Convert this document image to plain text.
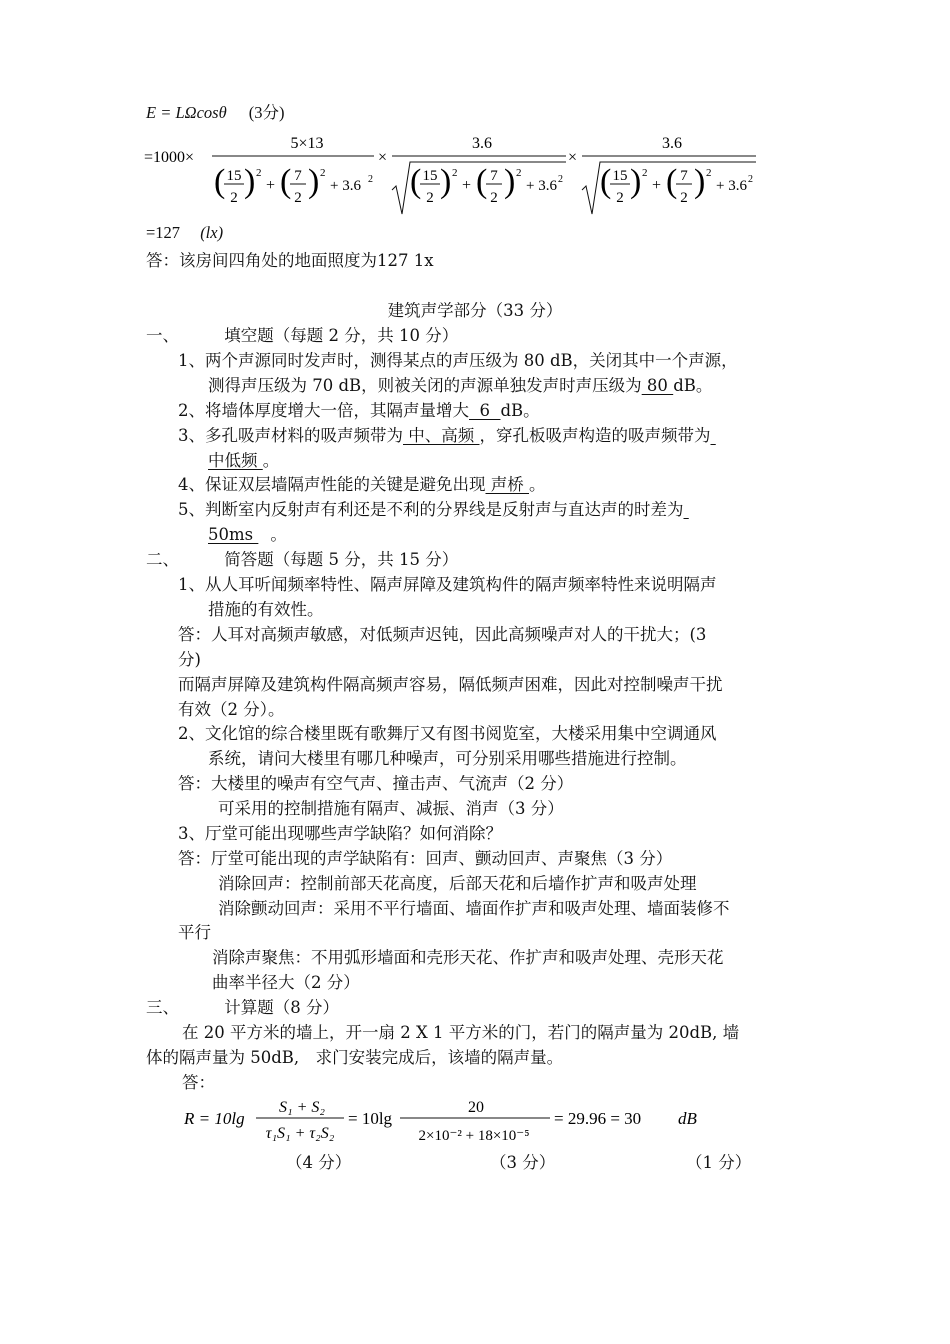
E = LΩcosθ (3分)
=1000×
5×13
( 15
2 ) 2
+ ( 7
2 ) 2
+ 3.6 2
×
3.6
( 15
2 ) 2
+ ( 7
2 ) 2
+ 3.6 2
×
3.6
( 15
2 ) 2
+ ( 7
2 ) 2
+ 3.6 2
=127 (lx)
答：该房间四角处的地面照度为127 1x
建筑声学部分（33 分）
一、	填空题（每题 2 分，共 10 分）
1、两个声源同时发声时，测得某点的声压级为 80 dB，关闭其中一个声源，
测得声压级为 70 dB，则被关闭的声源单独发声时声压级为 80 dB。
2、将墙体厚度增大一倍，其隔声量增大  6  dB。
3、多孔吸声材料的吸声频带为 中、高频 ，穿孔板吸声构造的吸声频带为
中低频 。
4、保证双层墙隔声性能的关键是避免出现 声桥 。
5、判断室内反射声有利还是不利的分界线是反射声与直达声的时差为
50ms 。
二、	简答题（每题 5 分，共 15 分）
1、从人耳听闻频率特性、隔声屏障及建筑构件的隔声频率特性来说明隔声
措施的有效性。
答：人耳对高频声敏感，对低频声迟钝，因此高频噪声对人的干扰大；(3
分)
而隔声屏障及建筑构件隔高频声容易，隔低频声困难，因此对控制噪声干扰
有效（2 分）。
2、文化馆的综合楼里既有歌舞厅又有图书阅览室，大楼采用集中空调通风
系统，请问大楼里有哪几种噪声，可分别采用哪些措施进行控制。
答：大楼里的噪声有空气声、撞击声、气流声（2 分）
可采用的控制措施有隔声、减振、消声（3 分）
3、厅堂可能出现哪些声学缺陷？如何消除？
答：厅堂可能出现的声学缺陷有：回声、颤动回声、声聚焦（3 分）
消除回声：控制前部天花高度，后部天花和后墙作扩声和吸声处理
消除颤动回声：采用不平行墙面、墙面作扩声和吸声处理、墙面装修不
平行
消除声聚焦：不用弧形墙面和壳形天花、作扩声和吸声处理、壳形天花
曲率半径大（2 分）
三、	计算题（8 分）
在 20 平方米的墙上，开一扇 2 X 1 平方米的门，若门的隔声量为 20dB, 墙
体的隔声量为 50dB,　求门安装完成后，该墙的隔声量。
答：
R = 10lg
S₁ + S₂
τ₁S₁ + τ₂S₂
= 10lg
20
2×10⁻² + 18×10⁻⁵
= 29.96 = 30 dB
（4 分）	（3 分）	（1 分）
